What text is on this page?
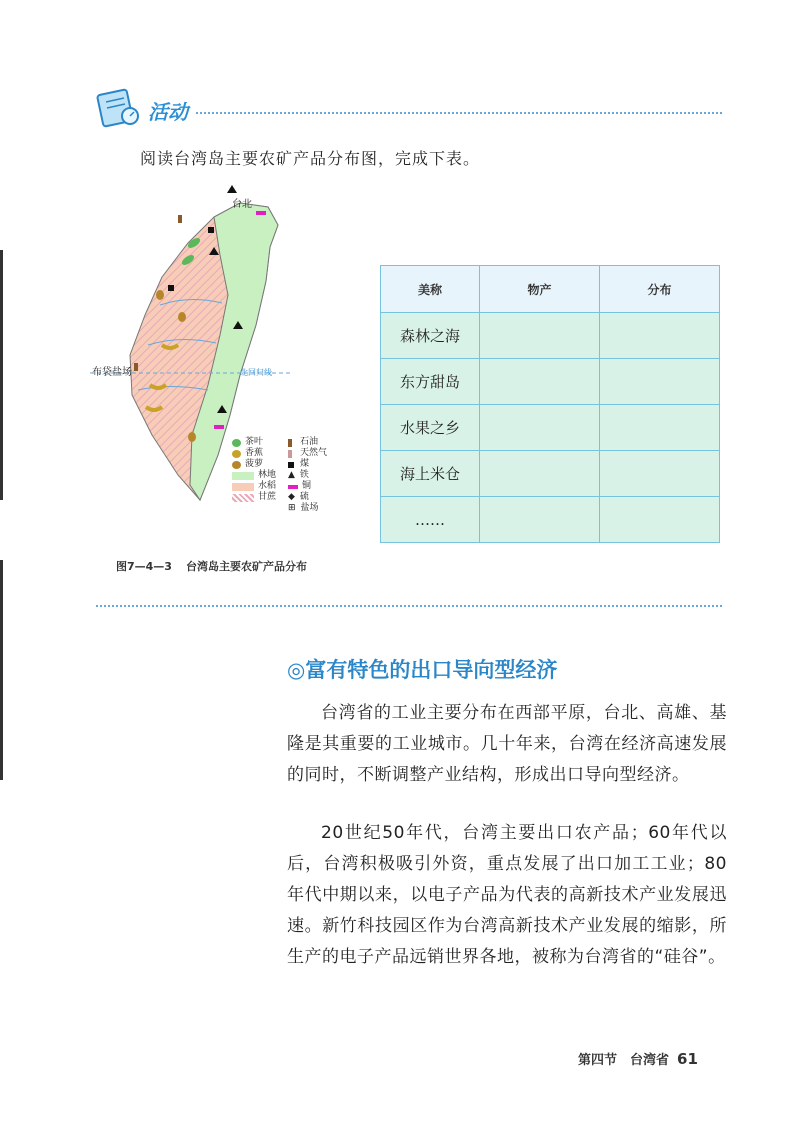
活动
阅读台湾岛主要农矿产品分布图，完成下表。
台北
布袋盐场	北回归线
茶叶
香蕉
菠萝
林地
水稻
甘蔗
石油
天然气
煤
▲ 铁
铜
◆ 硫
⊞ 盐场
美称	物产	分布
森林之海		
东方甜岛		
水果之乡		
海上米仓		
……		
图7—4—3 台湾岛主要农矿产品分布
◎富有特色的出口导向型经济

台湾省的工业主要分布在西部平原，台北、高雄、基隆是其重要的工业城市。几十年来，台湾在经济高速发展的同时，不断调整产业结构，形成出口导向型经济。

20世纪50年代，台湾主要出口农产品；60年代以后，台湾积极吸引外资，重点发展了出口加工工业；80年代中期以来，以电子产品为代表的高新技术产业发展迅速。新竹科技园区作为台湾高新技术产业发展的缩影，所生产的电子产品远销世界各地，被称为台湾省的“硅谷”。

第四节　台湾省 61
